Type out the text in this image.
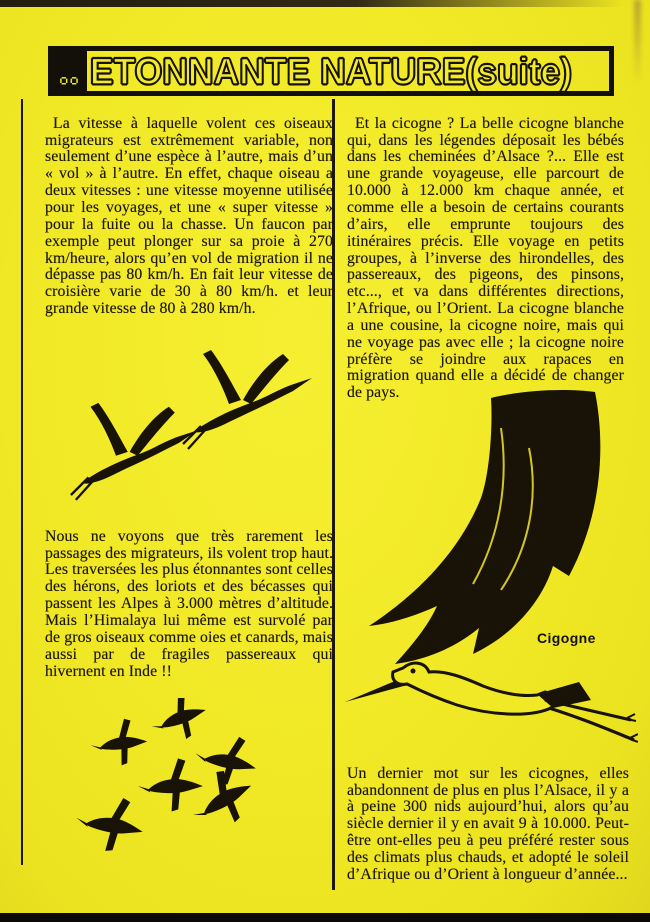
.. ETONNANTE NATURE(suite)

La vitesse à laquelle volent ces oiseaux migrateurs est extrêmement variable, non seulement d’une espèce à l’autre, mais d’un « vol » à l’autre. En effet, chaque oiseau a deux vitesses : une vitesse moyenne utilisée pour les voyages, et une « super vitesse » pour la fuite ou la chasse. Un faucon par exemple peut plonger sur sa proie à 270 km/heure, alors qu’en vol de migration il ne dépasse pas 80 km/h. En fait leur vitesse de croisière varie de 30 à 80 km/h. et leur grande vitesse de 80 à 280 km/h.

Nous ne voyons que très rarement les passages des migrateurs, ils volent trop haut. Les traversées les plus étonnantes sont celles des hérons, des loriots et des bécasses qui passent les Alpes à 3.000 mètres d’altitude. Mais l’Himalaya lui même est survolé par de gros oiseaux comme oies et canards, mais aussi par de fragiles passereaux qui hivernent en Inde !!

Et la cicogne ? La belle cicogne blanche qui, dans les légendes déposait les bébés dans les cheminées d’Alsace ?... Elle est une grande voyageuse, elle parcourt de 10.000 à 12.000 km chaque année, et comme elle a besoin de certains courants d’airs, elle emprunte toujours des itinéraires précis. Elle voyage en petits groupes, à l’inverse des hirondelles, des passereaux, des pigeons, des pinsons, etc..., et va dans différentes directions, l’Afrique, ou l’Orient. La cicogne blanche a une cousine, la cicogne noire, mais qui ne voyage pas avec elle ; la cicogne noire préfère se joindre aux rapaces en migration quand elle a décidé de changer de pays.

Un dernier mot sur les cicognes, elles abandonnent de plus en plus l’Alsace, il y a à peine 300 nids aujourd’hui, alors qu’au siècle dernier il y en avait 9 à 10.000. Peut-être ont-elles peu à peu préféré rester sous des climats plus chauds, et adopté le soleil d’Afrique ou d’Orient à longueur d’année...

Cigogne
